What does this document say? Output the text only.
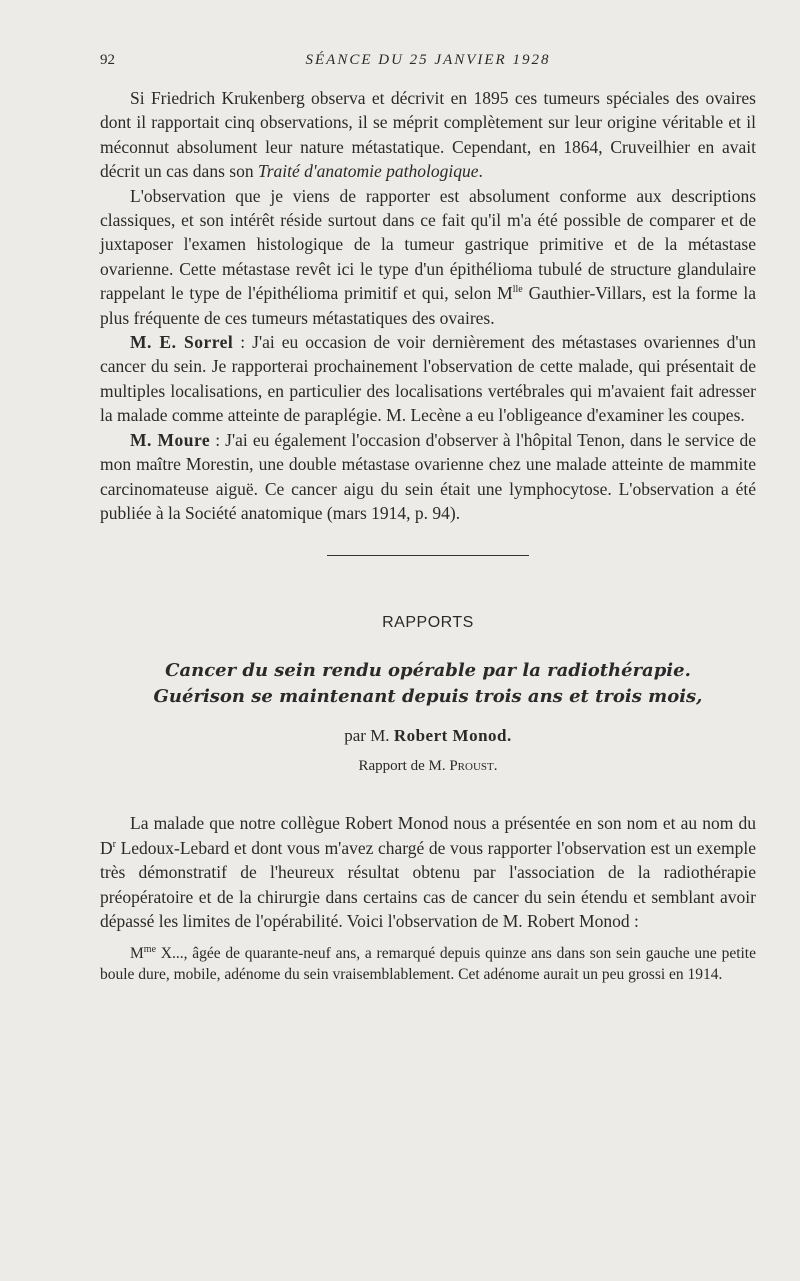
92	SÉANCE DU 25 JANVIER 1928

Si Friedrich Krukenberg observa et décrivit en 1895 ces tumeurs spéciales des ovaires dont il rapportait cinq observations, il se méprit complètement sur leur origine véritable et il méconnut absolument leur nature métastatique. Cependant, en 1864, Cruveilhier en avait décrit un cas dans son Traité d'anatomie pathologique.

L'observation que je viens de rapporter est absolument conforme aux descriptions classiques, et son intérêt réside surtout dans ce fait qu'il m'a été possible de comparer et de juxtaposer l'examen histologique de la tumeur gastrique primitive et de la métastase ovarienne. Cette métastase revêt ici le type d'un épithélioma tubulé de structure glandulaire rappelant le type de l'épithélioma primitif et qui, selon $M^{lle}$ Gauthier-Villars, est la forme la plus fréquente de ces tumeurs métastatiques des ovaires.

M. E. Sorrel : J'ai eu occasion de voir dernièrement des métastases ovariennes d'un cancer du sein. Je rapporterai prochainement l'observation de cette malade, qui présentait de multiples localisations, en particulier des localisations vertébrales qui m'avaient fait adresser la malade comme atteinte de paraplégie. M. Lecène a eu l'obligeance d'examiner les coupes.

M. Moure : J'ai eu également l'occasion d'observer à l'hôpital Tenon, dans le service de mon maître Morestin, une double métastase ovarienne chez une malade atteinte de mammite carcinomateuse aiguë. Ce cancer aigu du sein était une lymphocytose. L'observation a été publiée à la Société anatomique (mars 1914, p. 94).

RAPPORTS
Cancer du sein rendu opérable par la radiothérapie.
Guérison se maintenant depuis trois ans et trois mois,
par M. Robert Monod.
Rapport de M. Proust.

La malade que notre collègue Robert Monod nous a présentée en son nom et au nom du $D^r$ Ledoux-Lebard et dont vous m'avez chargé de vous rapporter l'observation est un exemple très démonstratif de l'heureux résultat obtenu par l'association de la radiothérapie préopératoire et de la chirurgie dans certains cas de cancer du sein étendu et semblant avoir dépassé les limites de l'opérabilité. Voici l'observation de M. Robert Monod :

$M^{me}$ X..., âgée de quarante-neuf ans, a remarqué depuis quinze ans dans son sein gauche une petite boule dure, mobile, adénome du sein vraisemblablement. Cet adénome aurait un peu grossi en 1914.
